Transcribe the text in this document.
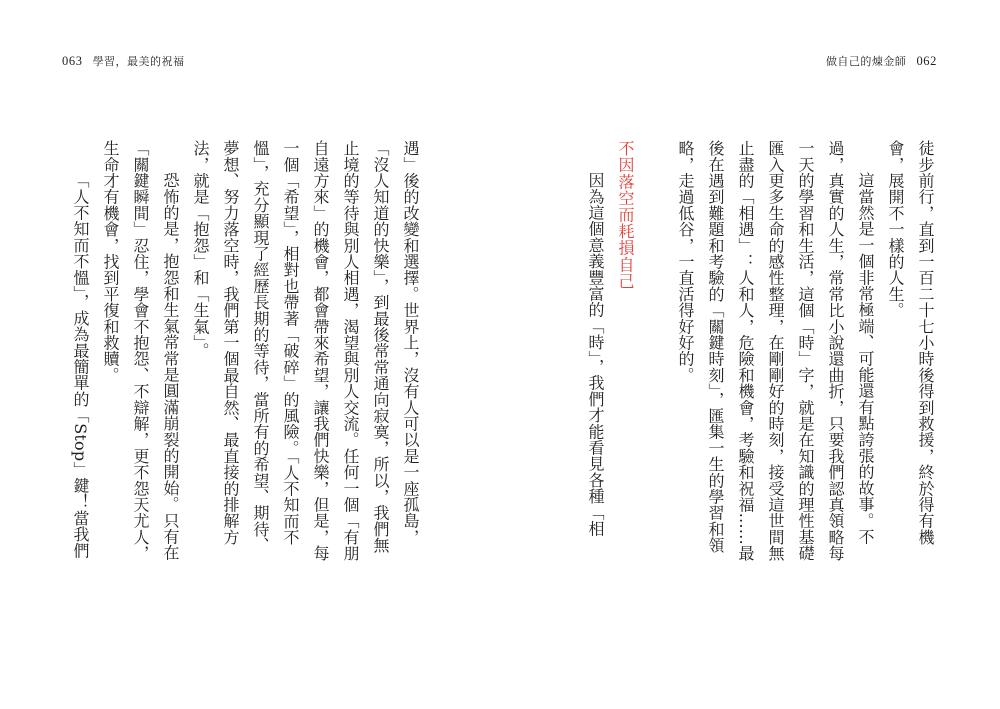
063 學習，最美的祝福	做自己的煉金師 062
徒步前行，直到一百二十七小時後得到救援，終於得有機
會，展開不一樣的人生。
這當然是一個非常極端、可能還有點誇張的故事。不
過，真實的人生，常常比小說還曲折，只要我們認真領略每
一天的學習和生活，這個「時」字，就是在知識的理性基礎
匯入更多生命的感性整理，在剛剛好的時刻，接受這世間無
止盡的「相遇」：人和人，危險和機會，考驗和祝福……最
後在遇到難題和考驗的「關鍵時刻」，匯集一生的學習和領
略，走過低谷，一直活得好好的。
不因落空而耗損自己
因為這個意義豐富的「時」，我們才能看見各種「相
遇」後的改變和選擇。世界上，沒有人可以是一座孤島，
「沒人知道的快樂」，到最後常常通向寂寞，所以，我們無
止境的等待與別人相遇，渴望與別人交流。任何一個「有朋
自遠方來」的機會，都會帶來希望，讓我們快樂，但是，每
一個「希望」，相對也帶著「破碎」的風險。「人不知而不
慍」，充分顯現了經歷長期的等待，當所有的希望、期待、
夢想、努力落空時，我們第一個最自然、最直接的排解方
法，就是「抱怨」和「生氣」。
恐怖的是，抱怨和生氣常常是圓滿崩裂的開始。只有在
「關鍵瞬間」忍住，學會不抱怨、不辯解，更不怨天尤人，
生命才有機會，找到平復和救贖。
「人不知而不慍」，成為最簡單的「Stop」鍵！當我們
